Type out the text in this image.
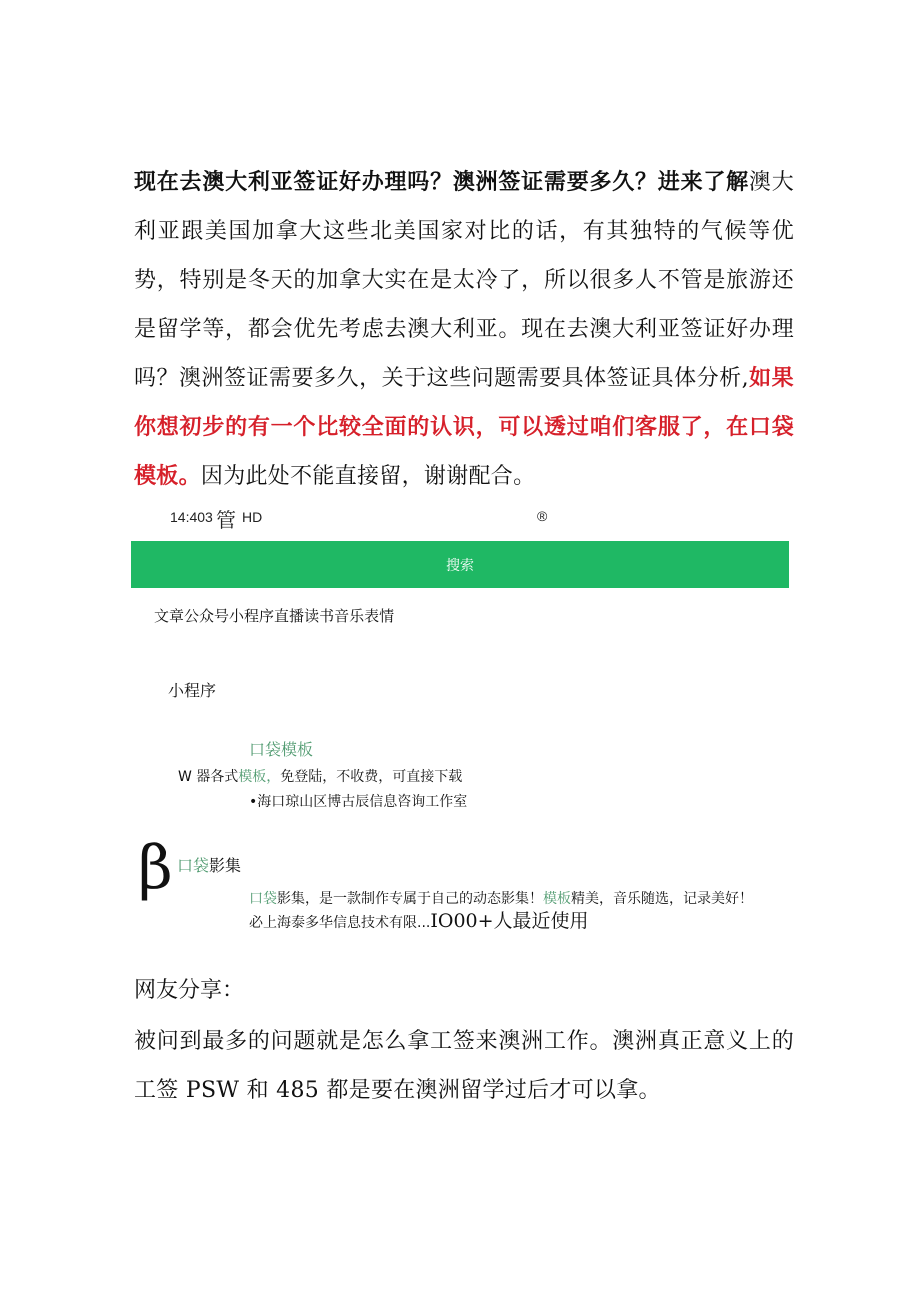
现在去澳大利亚签证好办理吗？澳洲签证需要多久？进来了解澳大利亚跟美国加拿大这些北美国家对比的话，有其独特的气候等优势，特别是冬天的加拿大实在是太冷了，所以很多人不管是旅游还是留学等，都会优先考虑去澳大利亚。现在去澳大利亚签证好办理吗？澳洲签证需要多久，关于这些问题需要具体签证具体分析,如果你想初步的有一个比较全面的认识，可以透过咱们客服了，在口袋模板。因为此处不能直接留，谢谢配合。
14:403 管 HD	®
搜索
文章 公众号 小程序 直播 读书 音乐 表情
小程序
口袋模板
W 器各式模板，免登陆，不收费，可直接下载
•海口琼山区博古辰信息咨询工作室
β 口袋影集
口袋影集，是一款制作专属于自己的动态影集！模板精美，音乐随选，记录美好！
必上海泰多华信息技术有限...IO00+人最近使用
网友分享：
被问到最多的问题就是怎么拿工签来澳洲工作。澳洲真正意义上的工签 PSW 和 485 都是要在澳洲留学过后才可以拿。
